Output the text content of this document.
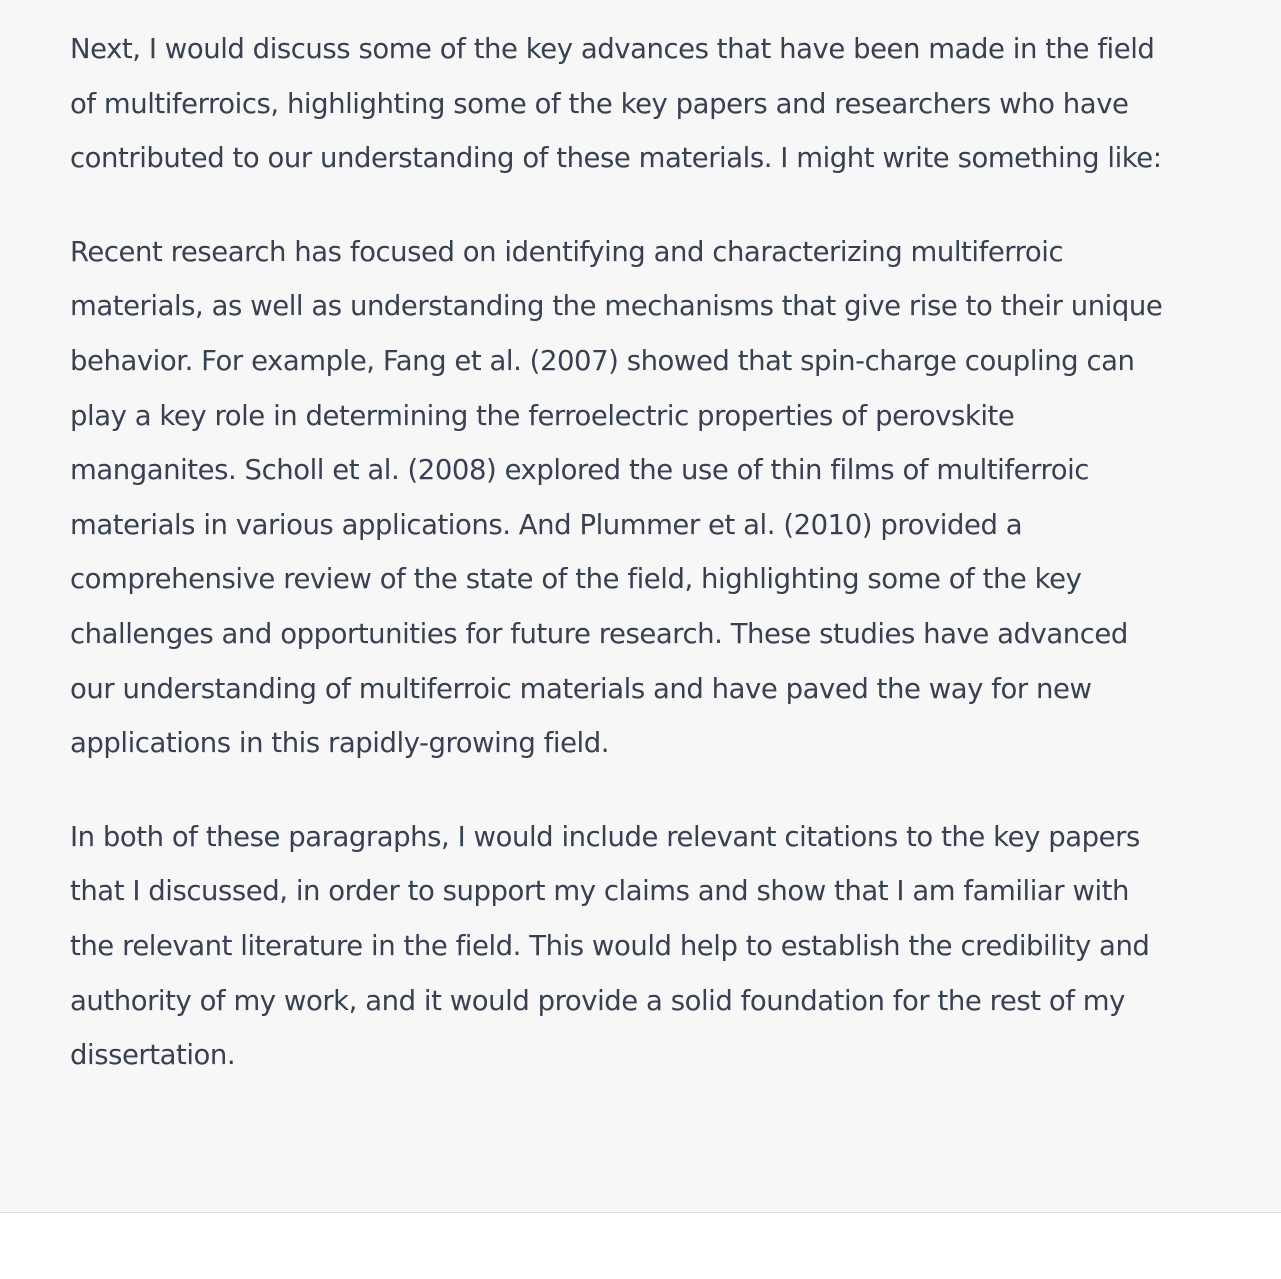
Next, I would discuss some of the key advances that have been made in the field of multiferroics, highlighting some of the key papers and researchers who have contributed to our understanding of these materials. I might write something like:

Recent research has focused on identifying and characterizing multiferroic materials, as well as understanding the mechanisms that give rise to their unique behavior. For example, Fang et al. (2007) showed that spin-charge coupling can play a key role in determining the ferroelectric properties of perovskite manganites. Scholl et al. (2008) explored the use of thin films of multiferroic materials in various applications. And Plummer et al. (2010) provided a comprehensive review of the state of the field, highlighting some of the key challenges and opportunities for future research. These studies have advanced our understanding of multiferroic materials and have paved the way for new applications in this rapidly-growing field.

In both of these paragraphs, I would include relevant citations to the key papers that I discussed, in order to support my claims and show that I am familiar with the relevant literature in the field. This would help to establish the credibility and authority of my work, and it would provide a solid foundation for the rest of my dissertation.
